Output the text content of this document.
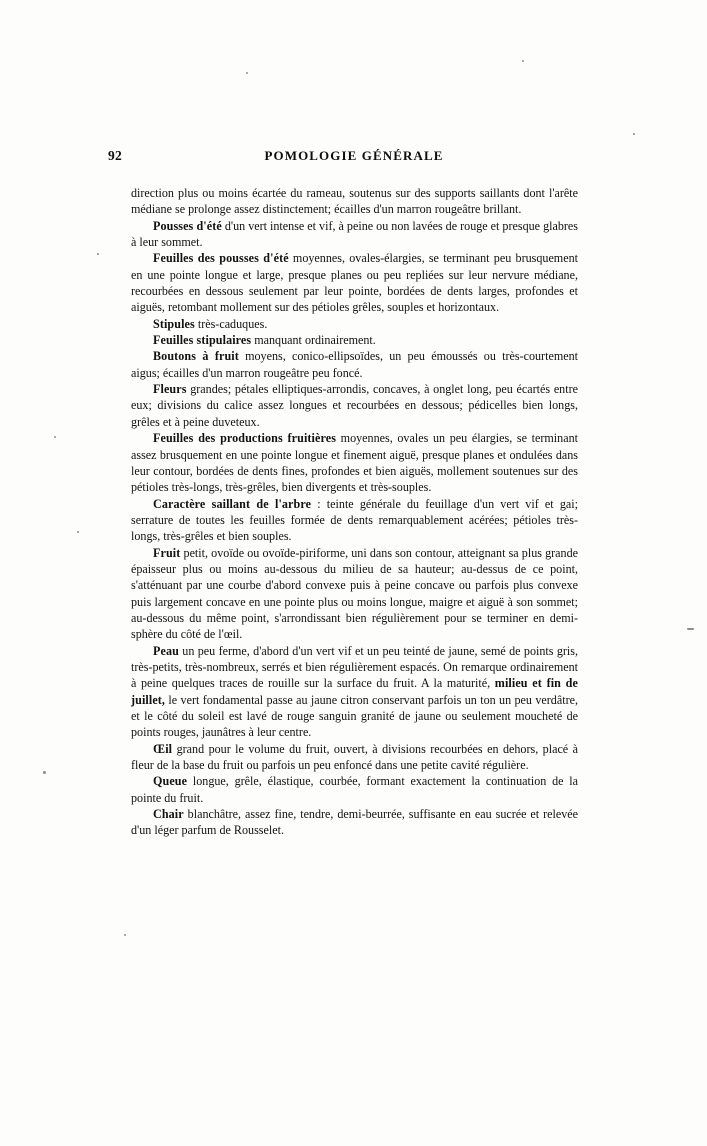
92	POMOLOGIE GÉNÉRALE

direction plus ou moins écartée du rameau, soutenus sur des supports saillants dont l'arête médiane se prolonge assez distinctement; écailles d'un marron rougeâtre brillant.

Pousses d'été d'un vert intense et vif, à peine ou non lavées de rouge et presque glabres à leur sommet.

Feuilles des pousses d'été moyennes, ovales-élargies, se terminant peu brusquement en une pointe longue et large, presque planes ou peu repliées sur leur nervure médiane, recourbées en dessous seulement par leur pointe, bordées de dents larges, profondes et aiguës, retombant mollement sur des pétioles grêles, souples et horizontaux.

Stipules très-caduques.

Feuilles stipulaires manquant ordinairement.

Boutons à fruit moyens, conico-ellipsoïdes, un peu émoussés ou très-courtement aigus; écailles d'un marron rougeâtre peu foncé.

Fleurs grandes; pétales elliptiques-arrondis, concaves, à onglet long, peu écartés entre eux; divisions du calice assez longues et recourbées en dessous; pédicelles bien longs, grêles et à peine duveteux.

Feuilles des productions fruitières moyennes, ovales un peu élargies, se terminant assez brusquement en une pointe longue et finement aiguë, presque planes et ondulées dans leur contour, bordées de dents fines, profondes et bien aiguës, mollement soutenues sur des pétioles très-longs, très-grêles, bien divergents et très-souples.

Caractère saillant de l'arbre : teinte générale du feuillage d'un vert vif et gai; serrature de toutes les feuilles formée de dents remarquablement acérées; pétioles très-longs, très-grêles et bien souples.

Fruit petit, ovoïde ou ovoïde-piriforme, uni dans son contour, atteignant sa plus grande épaisseur plus ou moins au-dessous du milieu de sa hauteur; au-dessus de ce point, s'atténuant par une courbe d'abord convexe puis à peine concave ou parfois plus convexe puis largement concave en une pointe plus ou moins longue, maigre et aiguë à son sommet; au-dessous du même point, s'arrondissant bien régulièrement pour se terminer en demi-sphère du côté de l'œil.

Peau un peu ferme, d'abord d'un vert vif et un peu teinté de jaune, semé de points gris, très-petits, très-nombreux, serrés et bien régulièrement espacés. On remarque ordinairement à peine quelques traces de rouille sur la surface du fruit. A la maturité, milieu et fin de juillet, le vert fondamental passe au jaune citron conservant parfois un ton un peu verdâtre, et le côté du soleil est lavé de rouge sanguin granité de jaune ou seulement moucheté de points rouges, jaunâtres à leur centre.

Œil grand pour le volume du fruit, ouvert, à divisions recourbées en dehors, placé à fleur de la base du fruit ou parfois un peu enfoncé dans une petite cavité régulière.

Queue longue, grêle, élastique, courbée, formant exactement la continuation de la pointe du fruit.

Chair blanchâtre, assez fine, tendre, demi-beurrée, suffisante en eau sucrée et relevée d'un léger parfum de Rousselet.
